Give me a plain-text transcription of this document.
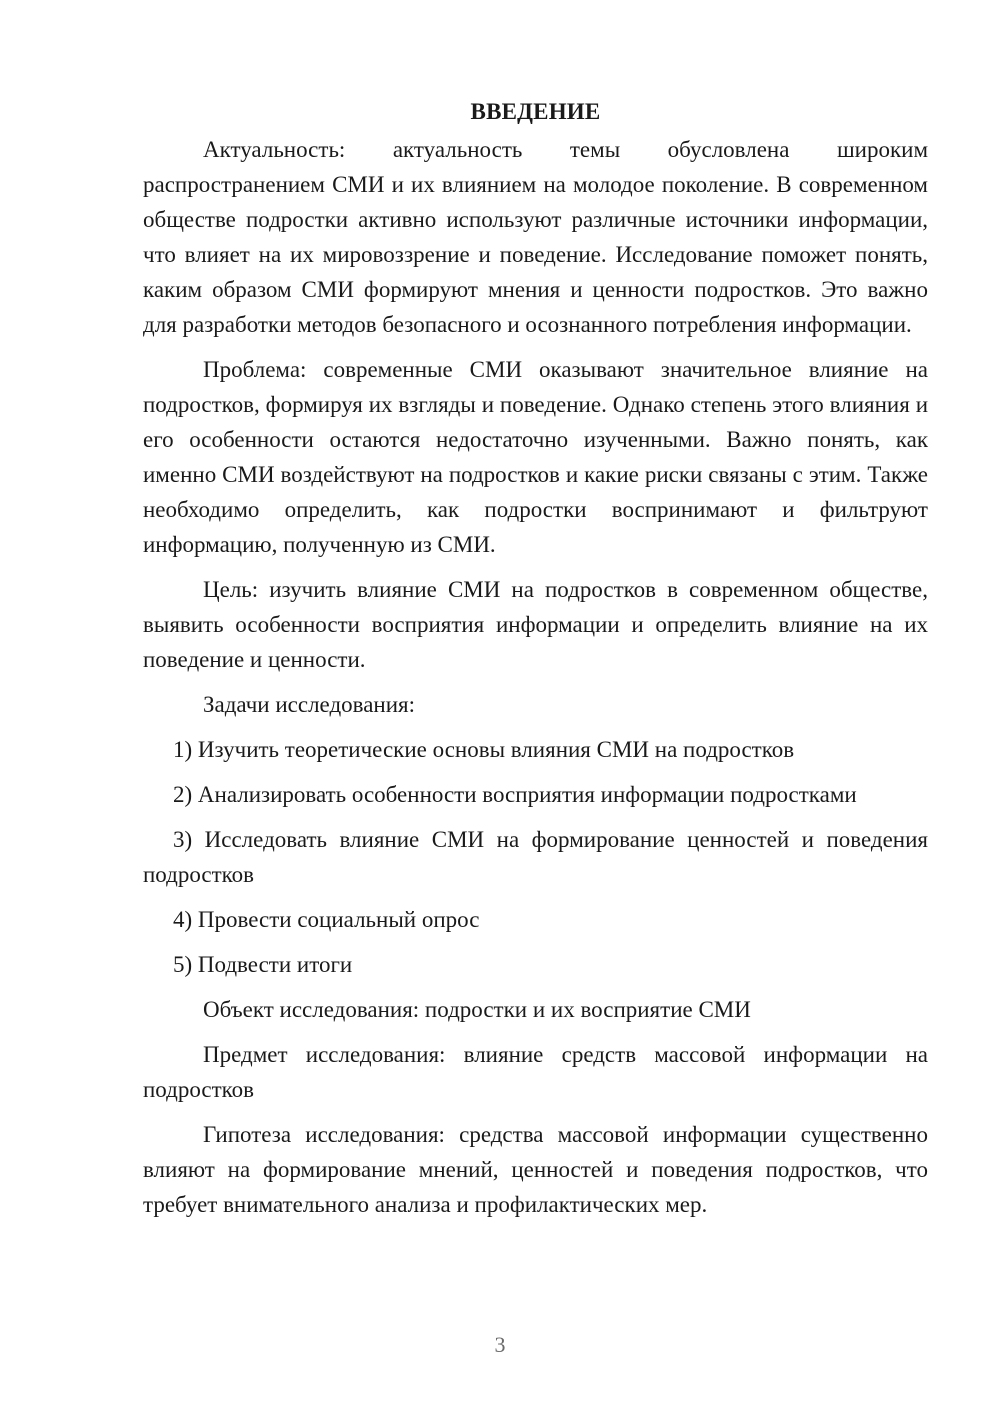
ВВЕДЕНИЕ

Актуальность: актуальность темы обусловлена широким распространением СМИ и их влиянием на молодое поколение. В современном обществе подростки активно используют различные источники информации, что влияет на их мировоззрение и поведение. Исследование поможет понять, каким образом СМИ формируют мнения и ценности подростков. Это важно для разработки методов безопасного и осознанного потребления информации.

Проблема: современные СМИ оказывают значительное влияние на подростков, формируя их взгляды и поведение. Однако степень этого влияния и его особенности остаются недостаточно изученными. Важно понять, как именно СМИ воздействуют на подростков и какие риски связаны с этим. Также необходимо определить, как подростки воспринимают и фильтруют информацию, полученную из СМИ.

Цель: изучить влияние СМИ на подростков в современном обществе, выявить особенности восприятия информации и определить влияние на их поведение и ценности.

Задачи исследования:

1) Изучить теоретические основы влияния СМИ на подростков

2) Анализировать особенности восприятия информации подростками

3) Исследовать влияние СМИ на формирование ценностей и поведения подростков

4) Провести социальный опрос

5) Подвести итоги

Объект исследования: подростки и их восприятие СМИ

Предмет исследования: влияние средств массовой информации на подростков

Гипотеза исследования: средства массовой информации существенно влияют на формирование мнений, ценностей и поведения подростков, что требует внимательного анализа и профилактических мер.

3
